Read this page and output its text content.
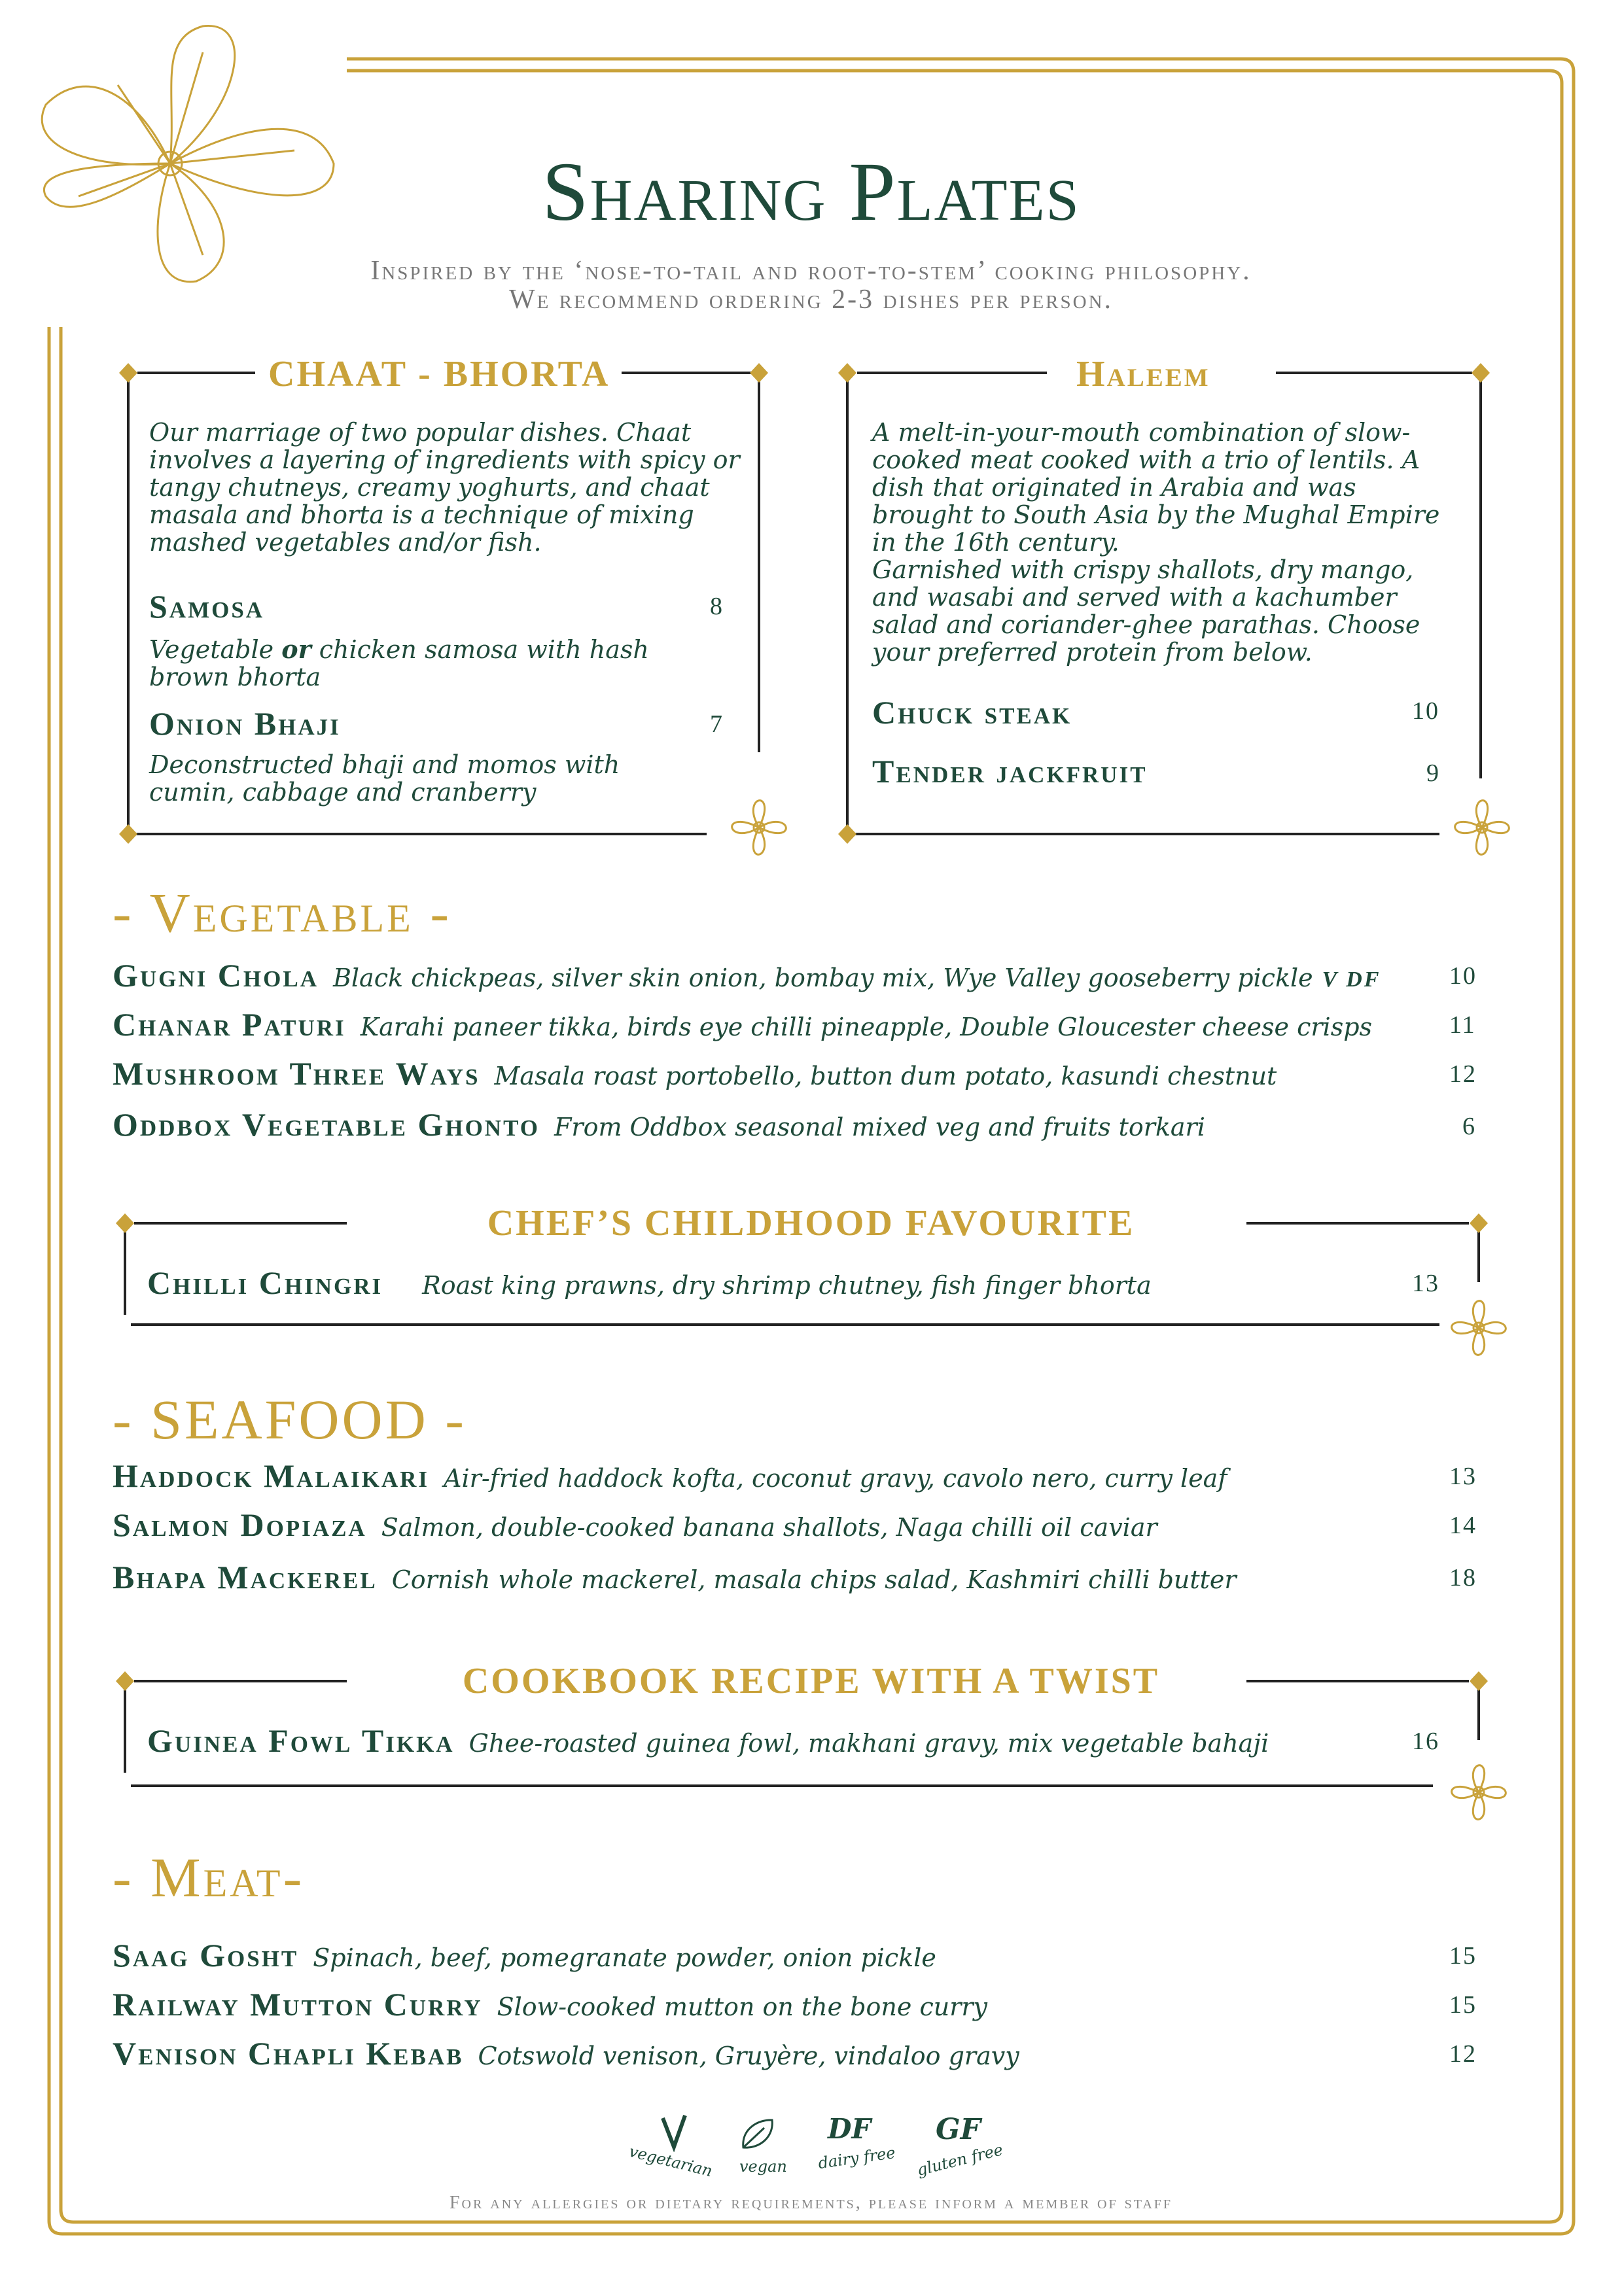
Sharing Plates
Inspired by the ‘nose-to-tail and root-to-stem’ cooking philosophy.
We recommend ordering 2-3 dishes per person.
CHAAT - BHORTA
Our marriage of two popular dishes. Chaat
involves a layering of ingredients with spicy or
tangy chutneys, creamy yoghurts, and chaat
masala and bhorta is a technique of mixing
mashed vegetables and/or fish.
Samosa	8
Vegetable or chicken samosa with hash
brown bhorta
Onion Bhaji	7
Deconstructed bhaji and momos with
cumin, cabbage and cranberry
Haleem
A melt-in-your-mouth combination of slow-
cooked meat cooked with a trio of lentils. A
dish that originated in Arabia and was
brought to South Asia by the Mughal Empire
in the 16th century.
Garnished with crispy shallots, dry mango,
and wasabi and served with a kachumber
salad and coriander-ghee parathas. Choose
your preferred protein from below.
Chuck steak	10
Tender jackfruit	9
- Vegetable -
Gugni Chola Black chickpeas, silver skin onion, bombay mix, Wye Valley gooseberry pickle V DF	10
Chanar Paturi Karahi paneer tikka, birds eye chilli pineapple, Double Gloucester cheese crisps	11
Mushroom Three Ways Masala roast portobello, button dum potato, kasundi chestnut	12
Oddbox Vegetable Ghonto From Oddbox seasonal mixed veg and fruits torkari	6
CHEF’S CHILDHOOD FAVOURITE
Chilli Chingri Roast king prawns, dry shrimp chutney, fish finger bhorta	13
- SEAFOOD -
Haddock Malaikari Air-fried haddock kofta, coconut gravy, cavolo nero, curry leaf	13
Salmon Dopiaza Salmon, double-cooked banana shallots, Naga chilli oil caviar	14
Bhapa Mackerel Cornish whole mackerel, masala chips salad, Kashmiri chilli butter	18
COOKBOOK RECIPE WITH A TWIST
Guinea Fowl Tikka Ghee-roasted guinea fowl, makhani gravy, mix vegetable bahaji	16
- Meat-
Saag Gosht Spinach, beef, pomegranate powder, onion pickle	15
Railway Mutton Curry Slow-cooked mutton on the bone curry	15
Venison Chapli Kebab Cotswold venison, Gruyère, vindaloo gravy	12
vegetarian vegan
DF
dairy free
GF
gluten free
For any allergies or dietary requirements, please inform a member of staff
